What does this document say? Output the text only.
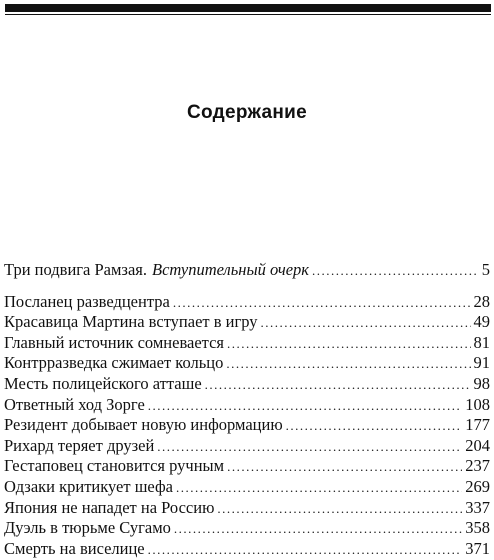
Содержание
Три подвига Рамзая. Вступительный очерк .....	5
Посланец разведцентра .....	28
Красавица Мартина вступает в игру .....	49
Главный источник сомневается .....	81
Контрразведка сжимает кольцо .....	91
Месть полицейского атташе .....	98
Ответный ход Зорге .....	108
Резидент добывает новую информацию .....	177
Рихард теряет друзей .....	204
Гестаповец становится ручным .....	237
Одзаки критикует шефа .....	269
Япония не нападет на Россию .....	337
Дуэль в тюрьме Сугамо .....	358
Смерть на виселице .....	371
